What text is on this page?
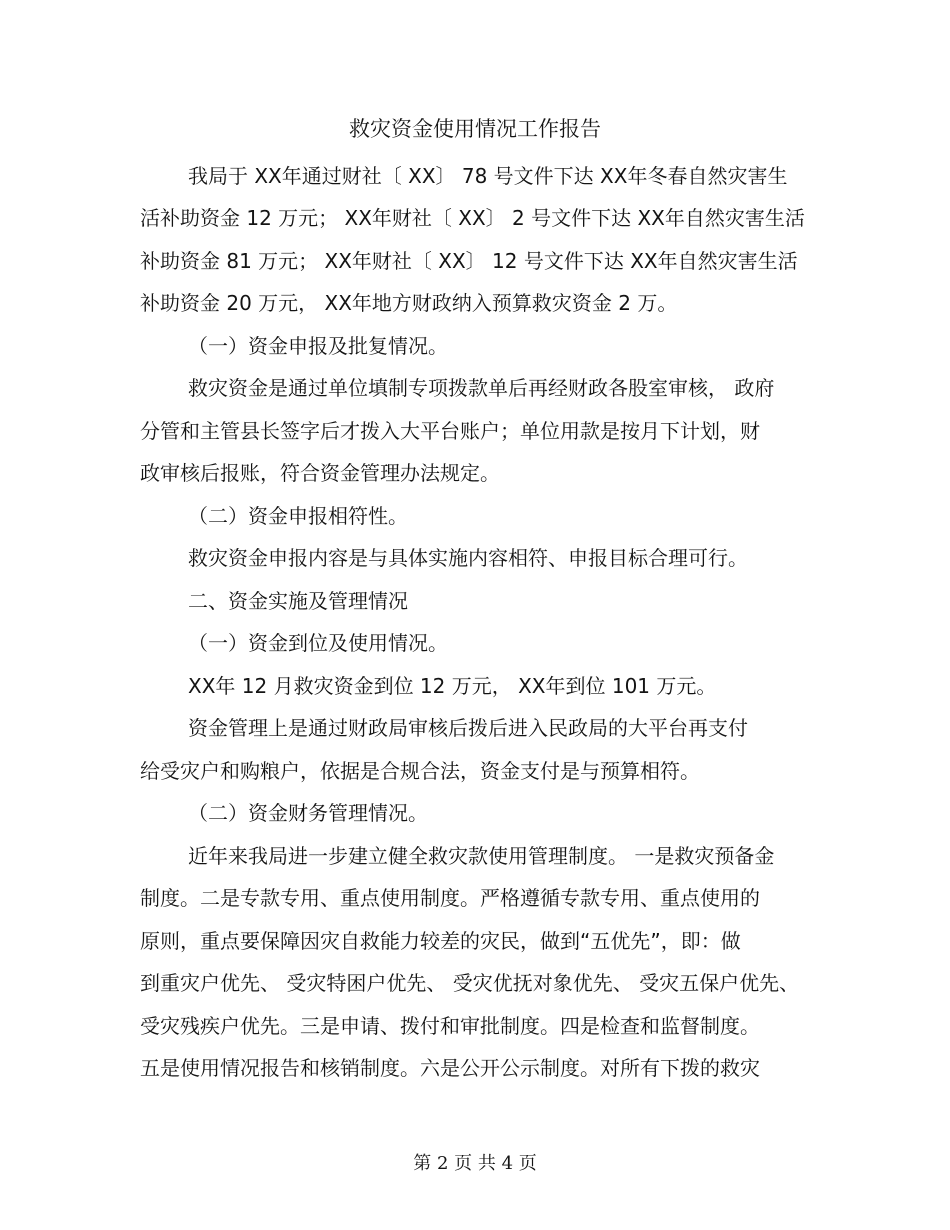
救灾资金使用情况工作报告
我局于 XX年通过财社〔 XX〕 78 号文件下达 XX年冬春自然灾害生
活补助资金 12 万元； XX年财社〔 XX〕 2 号文件下达 XX年自然灾害生活
补助资金 81 万元； XX年财社〔 XX〕 12 号文件下达 XX年自然灾害生活
补助资金 20 万元， XX年地方财政纳入预算救灾资金 2 万。
（一）资金申报及批复情况。
救灾资金是通过单位填制专项拨款单后再经财政各股室审核， 政府
分管和主管县长签字后才拨入大平台账户；单位用款是按月下计划，财
政审核后报账，符合资金管理办法规定。
（二）资金申报相符性。
救灾资金申报内容是与具体实施内容相符、申报目标合理可行。
二、资金实施及管理情况
（一）资金到位及使用情况。
XX年 12 月救灾资金到位 12 万元， XX年到位 101 万元。
资金管理上是通过财政局审核后拨后进入民政局的大平台再支付
给受灾户和购粮户，依据是合规合法，资金支付是与预算相符。
（二）资金财务管理情况。
近年来我局进一步建立健全救灾款使用管理制度。 一是救灾预备金
制度。二是专款专用、重点使用制度。严格遵循专款专用、重点使用的
原则，重点要保障因灾自救能力较差的灾民，做到“五优先”，即：做
到重灾户优先、 受灾特困户优先、 受灾优抚对象优先、 受灾五保户优先、
受灾残疾户优先。三是申请、拨付和审批制度。四是检查和监督制度。
五是使用情况报告和核销制度。六是公开公示制度。对所有下拨的救灾
第 2 页 共 4 页
